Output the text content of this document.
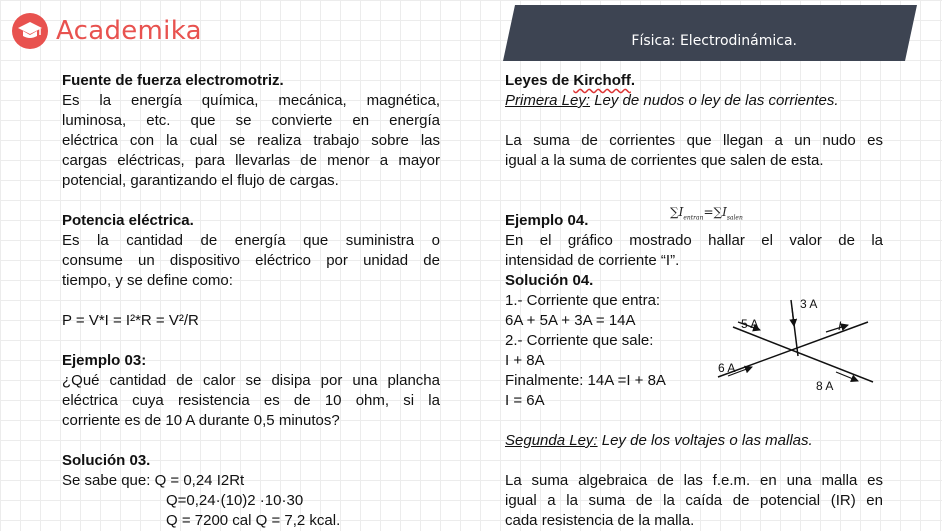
Academika	Física: Electrodinámica.

Fuente de fuerza electromotriz.

Es la energía química, mecánica, magnética,

luminosa, etc. que se convierte en energía

eléctrica con la cual se realiza trabajo sobre las

cargas eléctricas, para llevarlas de menor a mayor

potencial, garantizando el flujo de cargas.

Potencia eléctrica.

Es la cantidad de energía que suministra o

consume un dispositivo eléctrico por unidad de

tiempo, y se define como:

P = V*I = I²*R = V²/R

Ejemplo 03:

¿Qué cantidad de calor se disipa por una plancha

eléctrica cuya resistencia es de 10 ohm, si la

corriente es de 10 A durante 0,5 minutos?

Solución 03.

Se sabe que: Q = 0,24 I2Rt

Q=0,24·(10)2 ·10·30

Q = 7200 cal Q = 7,2 kcal.

Leyes de Kirchoff.

Primera Ley: Ley de nudos o ley de las corrientes.

La suma de corrientes que llegan a un nudo es

igual a la suma de corrientes que salen de esta.

Ejemplo 04.

En el gráfico mostrado hallar el valor de la

intensidad de corriente “I”.

Solución 04.

1.- Corriente que entra:

6A + 5A + 3A = 14A

2.- Corriente que sale:

I + 8A

Finalmente: 14A =I + 8A

I = 6A

Segunda Ley: Ley de los voltajes o las mallas.

La suma algebraica de las f.e.m. en una malla es

igual a la suma de la caída de potencial (IR) en

cada resistencia de la malla.

$\sum I_{entran}=\sum I_{salen}$
3 A
5 A	I
6 A
8 A
